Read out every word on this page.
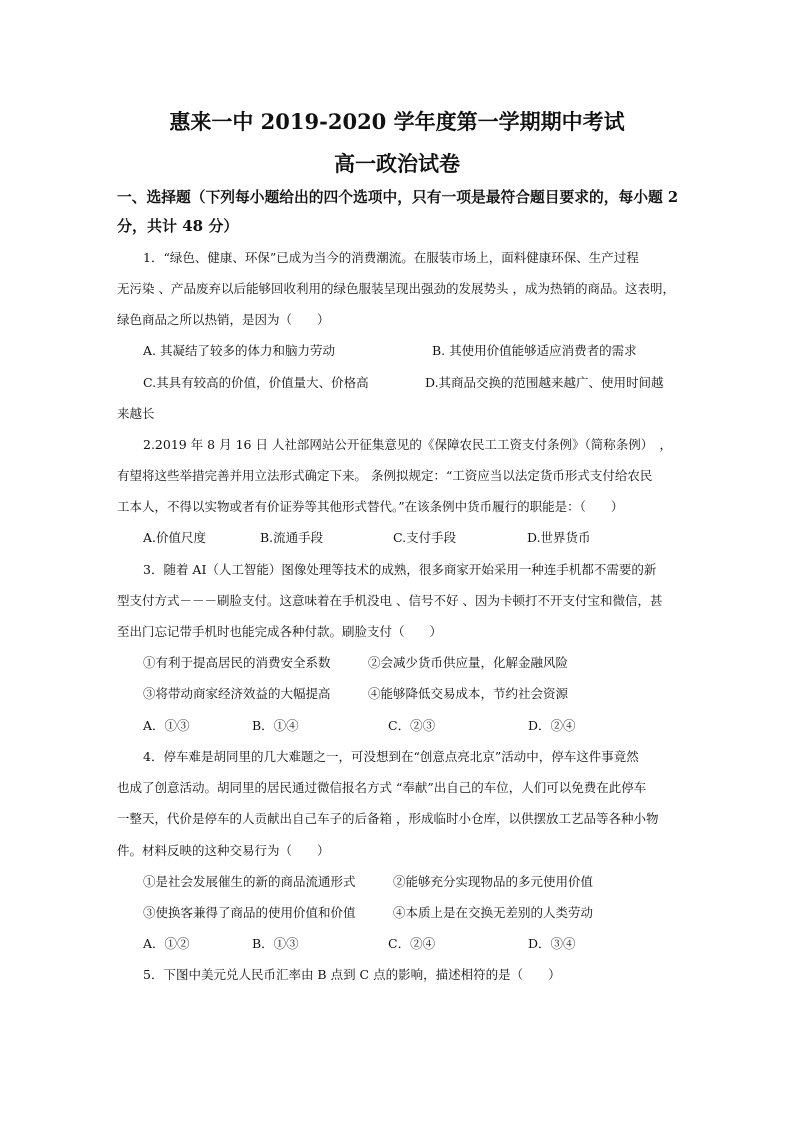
惠来一中 2019-2020 学年度第一学期期中考试
高一政治试卷
一、选择题（下列每小题给出的四个选项中，只有一项是最符合题目要求的，每小题 2
分，共计 48 分）
1．“绿色、健康、环保”已成为当今的消费潮流。在服装市场上，面料健康环保、生产过程
无污染 、产品废弃以后能够回收利用的绿色服装呈现出强劲的发展势头 ，成为热销的商品。这表明，
绿色商品之所以热销，是因为（　　）
A. 其凝结了较多的体力和脑力劳动	B. 其使用价值能够适应消费者的需求
C.其具有较高的价值，价值量大、价格高	D.其商品交换的范围越来越广、使用时间越
来越长
2.2019 年 8 月 16 日 人社部网站公开征集意见的《保障农民工工资支付条例》（简称条例）　，
有望将这些举措完善并用立法形式确定下来。 条例拟规定：“工资应当以法定货币形式支付给农民
工本人，不得以实物或者有价证券等其他形式替代。”在该条例中货币履行的职能是：（　　）
A.价值尺度	B.流通手段	C.支付手段	D.世界货币
3．随着 AI（人工智能）图像处理等技术的成熟，很多商家开始采用一种连手机都不需要的新
型支付方式－－－刷脸支付。这意味着在手机没电 、信号不好 、因为卡顿打不开支付宝和微信，甚
至出门忘记带手机时也能完成各种付款。刷脸支付（　　）
①有利于提高居民的消费安全系数	②会减少货币供应量，化解金融风险
③将带动商家经济效益的大幅提高	④能够降低交易成本，节约社会资源
A．①③	B．①④	C．②③	D．②④
4．停车难是胡同里的几大难题之一，可没想到在“创意点亮北京”活动中，停车这件事竟然
也成了创意活动。胡同里的居民通过微信报名方式 “奉献”出自己的车位，人们可以免费在此停车
一整天，代价是停车的人贡献出自己车子的后备箱 ，形成临时小仓库，以供摆放工艺品等各种小物
件。材料反映的这种交易行为（　　）
①是社会发展催生的新的商品流通形式	②能够充分实现物品的多元使用价值
③使换客兼得了商品的使用价值和价值	④本质上是在交换无差别的人类劳动
A．①②	B．①③	C．②④	D．③④
5．下图中美元兑人民币汇率由 B 点到 C 点的影响，描述相符的是（　　）
